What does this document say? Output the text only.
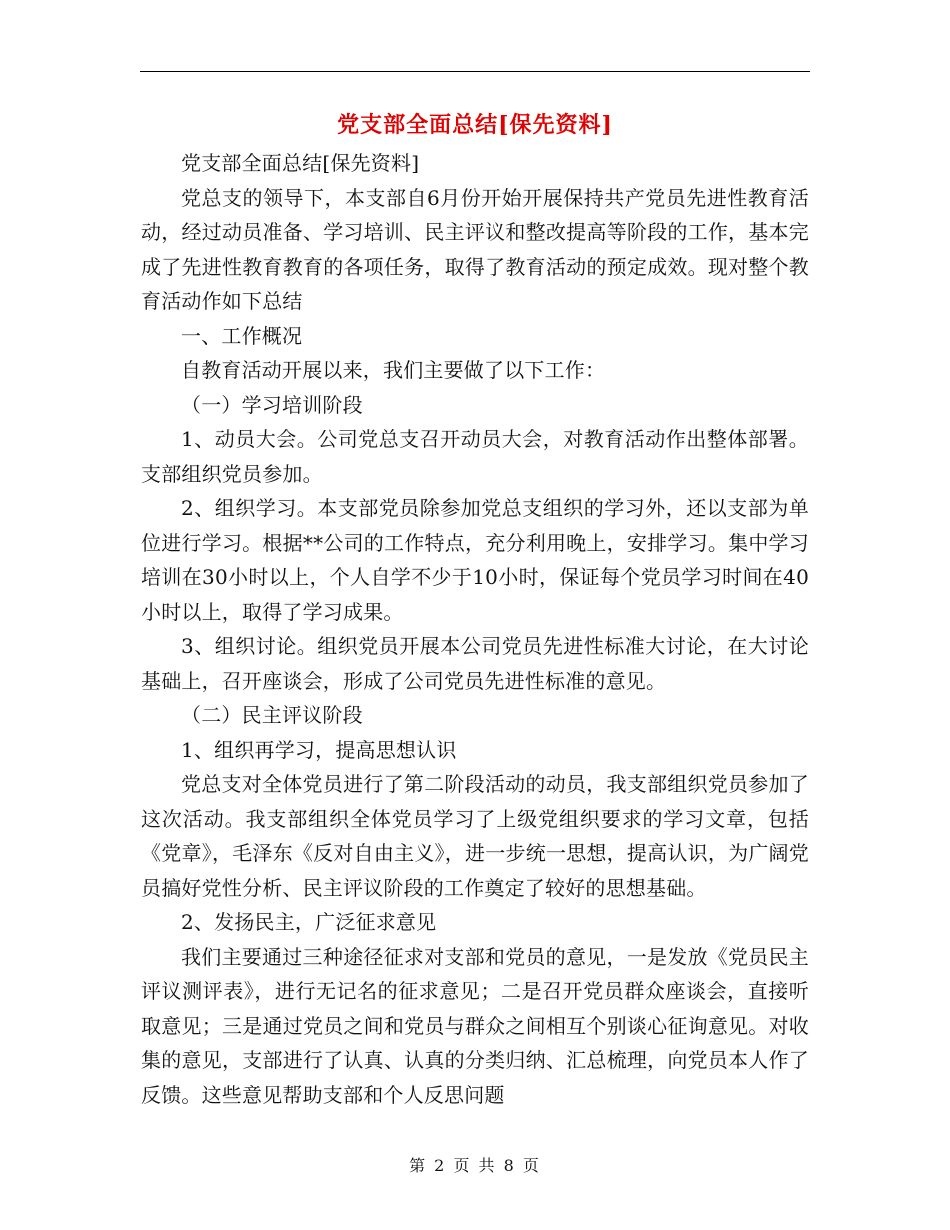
党支部全面总结[保先资料]

党支部全面总结[保先资料]

党总支的领导下，本支部自6月份开始开展保持共产党员先进性教育活动，经过动员准备、学习培训、民主评议和整改提高等阶段的工作，基本完成了先进性教育教育的各项任务，取得了教育活动的预定成效。现对整个教育活动作如下总结

一、工作概况

自教育活动开展以来，我们主要做了以下工作：

（一）学习培训阶段

1、动员大会。公司党总支召开动员大会，对教育活动作出整体部署。支部组织党员参加。

2、组织学习。本支部党员除参加党总支组织的学习外，还以支部为单位进行学习。根据**公司的工作特点，充分利用晚上，安排学习。集中学习培训在30小时以上，个人自学不少于10小时，保证每个党员学习时间在40小时以上，取得了学习成果。

3、组织讨论。组织党员开展本公司党员先进性标准大讨论，在大讨论基础上，召开座谈会，形成了公司党员先进性标准的意见。

（二）民主评议阶段

1、组织再学习，提高思想认识

党总支对全体党员进行了第二阶段活动的动员，我支部组织党员参加了这次活动。我支部组织全体党员学习了上级党组织要求的学习文章，包括《党章》，毛泽东《反对自由主义》，进一步统一思想，提高认识，为广阔党员搞好党性分析、民主评议阶段的工作奠定了较好的思想基础。

2、发扬民主，广泛征求意见

我们主要通过三种途径征求对支部和党员的意见，一是发放《党员民主评议测评表》，进行无记名的征求意见；二是召开党员群众座谈会，直接听取意见；三是通过党员之间和党员与群众之间相互个别谈心征询意见。对收集的意见，支部进行了认真、认真的分类归纳、汇总梳理，向党员本人作了反馈。这些意见帮助支部和个人反思问题

第 2 页 共 8 页
